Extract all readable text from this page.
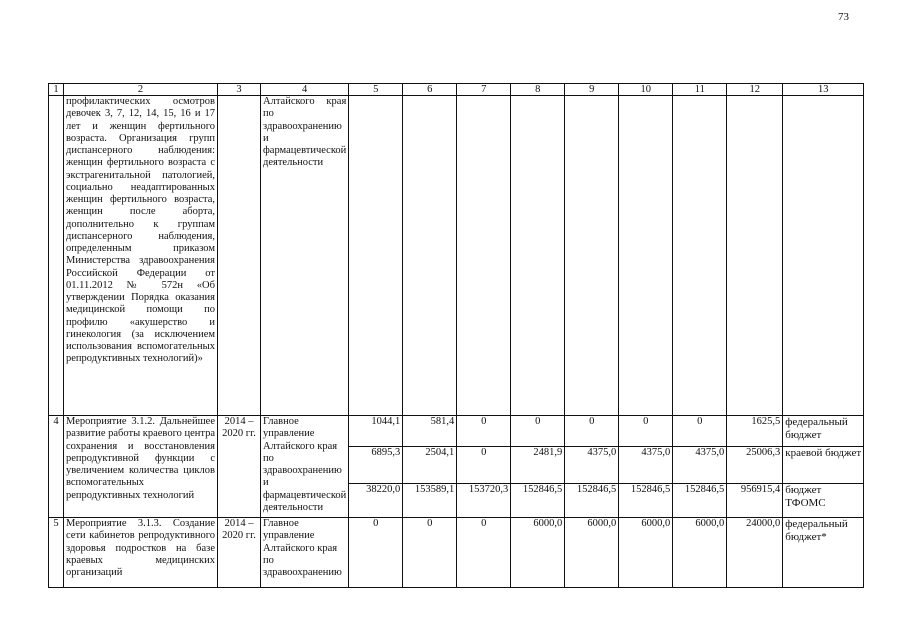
73
1	2	3	4	5	6	7	8	9	10	11	12	13
	профилактических осмотров девочек 3, 7, 12, 14, 15, 16 и 17 лет и женщин фертильного возраста. Организация групп диспансерного наблюдения: женщин фертильного возраста с экстрагенитальной патологией, социально неадаптированных женщин фертильного возраста, женщин после аборта, дополнительно к группам диспансерного наблюдения, определенным приказом Министерства здравоохранения Российской Федерации от 01.11.2012 № 572н «Об утверждении Порядка оказания медицинской помощи по профилю «акушерство и гинекология (за исключением использования вспомогательных репродуктивных технологий)»		Алтайского края по здравоохранению и фармацевтической деятельности									
4	Мероприятие 3.1.2. Дальнейшее развитие работы краевого центра сохранения и восстановления репродуктивной функции с увеличением количества циклов вспомогательных репродуктивных технологий	2014 – 2020 гг.	Главное управление Алтайского края по здравоохранению и фармацевтической деятельности	1044,1	581,4	0	0	0	0	0	1625,5	федеральный бюджет
				6895,3	2504,1	0	2481,9	4375,0	4375,0	4375,0	25006,3	краевой бюджет
				38220,0	153589,1	153720,3	152846,5	152846,5	152846,5	152846,5	956915,4	бюджет ТФОМС
5	Мероприятие 3.1.3. Создание сети кабинетов репродуктивного здоровья подростков на базе краевых медицинских организаций	2014 – 2020 гг.	Главное управление Алтайского края по здравоохранению	0	0	0	6000,0	6000,0	6000,0	6000,0	24000,0	федеральный бюджет*
